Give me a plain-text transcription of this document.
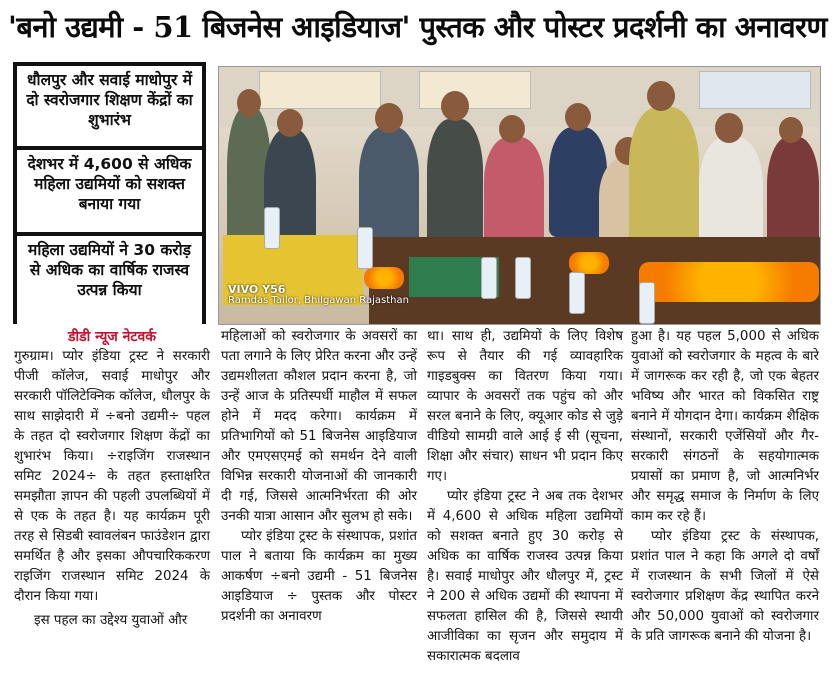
'बनो उद्यमी - 51 बिजनेस आइडियाज' पुस्तक और पोस्टर प्रदर्शनी का अनावरण
धौलपुर और सवाई माधोपुर में दो स्वरोजगार शिक्षण केंद्रों का शुभारंभ
देशभर में 4,600 से अधिक महिला उद्यमियों को सशक्त बनाया गया
महिला उद्यमियों ने 30 करोड़ से अधिक का वार्षिक राजस्व उत्पन्न किया	VIVO Y56
Ramdas Tailor, Bhilgawan Rajasthan

डीडी न्यूज नेटवर्क

गुरुग्राम। प्योर इंडिया ट्रस्ट ने सरकारी पीजी कॉलेज, सवाई माधोपुर और सरकारी पॉलिटेक्निक कॉलेज, धौलपुर के साथ साझेदारी में ÷बनो उद्यमी÷ पहल के तहत दो स्वरोजगार शिक्षण केंद्रों का शुभारंभ किया। ÷राइजिंग राजस्थान समिट 2024÷ के तहत हस्ताक्षरित समझौता ज्ञापन की पहली उपलब्धियों में से एक के तहत है। यह कार्यक्रम पूरी तरह से सिडबी स्वावलंबन फाउंडेशन द्वारा समर्थित है और इसका औपचारिककरण राइजिंग राजस्थान समिट 2024 के दौरान किया गया।

इस पहल का उद्देश्य युवाओं और

महिलाओं को स्वरोजगार के अवसरों का पता लगाने के लिए प्रेरित करना और उन्हें उद्यमशीलता कौशल प्रदान करना है, जो उन्हें आज के प्रतिस्पर्धी माहौल में सफल होने में मदद करेगा। कार्यक्रम में प्रतिभागियों को 51 बिजनेस आइडियाज और एमएसएमई को समर्थन देने वाली विभिन्न सरकारी योजनाओं की जानकारी दी गई, जिससे आत्मनिर्भरता की ओर उनकी यात्रा आसान और सुलभ हो सके।

प्योर इंडिया ट्रस्ट के संस्थापक, प्रशांत पाल ने बताया कि कार्यक्रम का मुख्य आकर्षण ÷बनो उद्यमी - 51 बिजनेस आइडियाज ÷ पुस्तक और पोस्टर प्रदर्शनी का अनावरण

था। साथ ही, उद्यमियों के लिए विशेष रूप से तैयार की गई व्यावहारिक गाइडबुक्स का वितरण किया गया। व्यापार के अवसरों तक पहुंच को और सरल बनाने के लिए, क्यूआर कोड से जुड़े वीडियो सामग्री वाले आई ई सी (सूचना, शिक्षा और संचार) साधन भी प्रदान किए गए।

प्योर इंडिया ट्रस्ट ने अब तक देशभर में 4,600 से अधिक महिला उद्यमियों को सशक्त बनाते हुए 30 करोड़ से अधिक का वार्षिक राजस्व उत्पन्न किया है। सवाई माधोपुर और धौलपुर में, ट्रस्ट ने 200 से अधिक उद्यमों की स्थापना में सफलता हासिल की है, जिससे स्थायी आजीविका का सृजन और समुदाय में सकारात्मक बदलाव

हुआ है। यह पहल 5,000 से अधिक युवाओं को स्वरोजगार के महत्व के बारे में जागरूक कर रही है, जो एक बेहतर भविष्य और भारत को विकसित राष्ट्र बनाने में योगदान देगा। कार्यक्रम शैक्षिक संस्थानों, सरकारी एजेंसियों और गैर-सरकारी संगठनों के सहयोगात्मक प्रयासों का प्रमाण है, जो आत्मनिर्भर और समृद्ध समाज के निर्माण के लिए काम कर रहे हैं।

प्योर इंडिया ट्रस्ट के संस्थापक, प्रशांत पाल ने कहा कि अगले दो वर्षों में राजस्थान के सभी जिलों में ऐसे स्वरोजगार प्रशिक्षण केंद्र स्थापित करने और 50,000 युवाओं को स्वरोजगार के प्रति जागरूक बनाने की योजना है।
